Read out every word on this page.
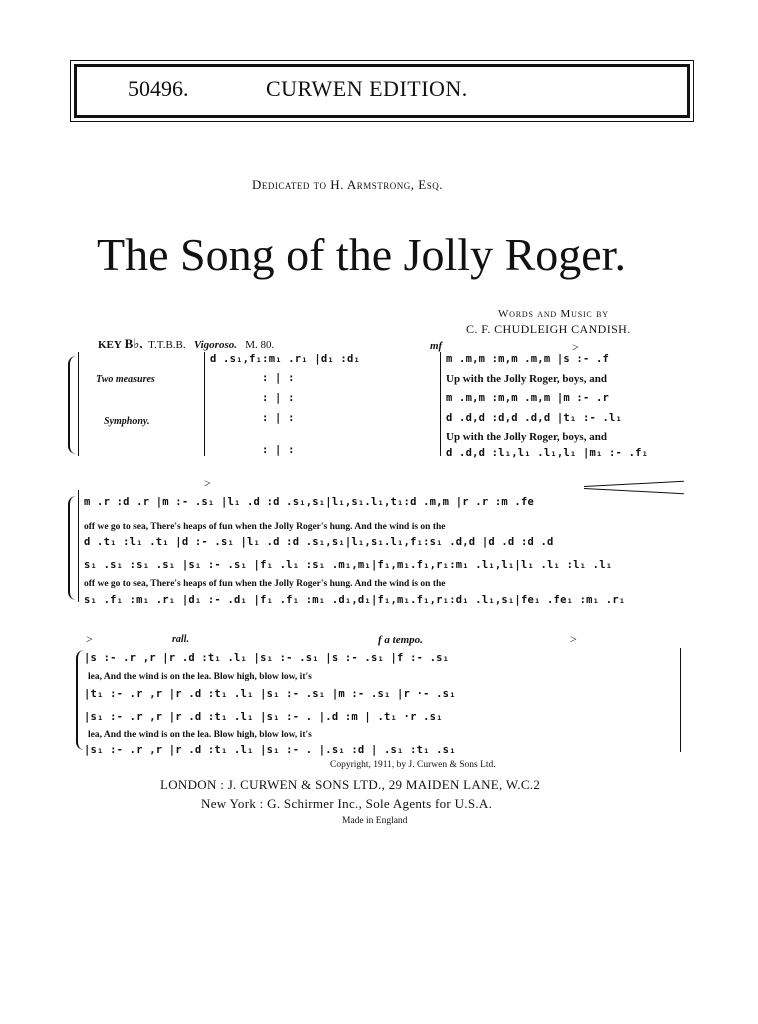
50496.	CURWEN EDITION.
Dedicated to H. Armstrong, Esq.
The Song of the Jolly Roger.
Words and Music by
C. F. CHUDLEIGH CANDISH.
KEY B♭. T.T.B.B. Vigoroso. M. 80.	mf	>
d .s₁,f₁:m₁ .r₁ |d₁ :d₁
Two measures
Symphony.
: | :
: | :
: | :
: | :
m .m,m :m,m .m,m |s :- .f
Up with the Jolly Roger, boys, and
m .m,m :m,m .m,m |m :- .r
d .d,d :d,d .d,d |t₁ :- .l₁
Up with the Jolly Roger, boys, and
d .d,d :l₁,l₁ .l₁,l₁ |m₁ :- .f₁
>
m .r :d .r |m :- .s₁ |l₁ .d :d .s₁,s₁|l₁,s₁.l₁,t₁:d .m,m |r .r :m .fe
off we go to sea, There's heaps of fun when the Jolly Roger's hung. And the wind is on the
d .t₁ :l₁ .t₁ |d :- .s₁ |l₁ .d :d .s₁,s₁|l₁,s₁.l₁,f₁:s₁ .d,d |d .d :d .d
s₁ .s₁ :s₁ .s₁ |s₁ :- .s₁ |f₁ .l₁ :s₁ .m₁,m₁|f₁,m₁.f₁,r₁:m₁ .l₁,l₁|l₁ .l₁ :l₁ .l₁
off we go to sea, There's heaps of fun when the Jolly Roger's hung. And the wind is on the
s₁ .f₁ :m₁ .r₁ |d₁ :- .d₁ |f₁ .f₁ :m₁ .d₁,d₁|f₁,m₁.f₁,r₁:d₁ .l₁,s₁|fe₁ .fe₁ :m₁ .r₁
>	>
rall.	f a tempo.
|s :- .r ,r |r .d :t₁ .l₁ |s₁ :- .s₁ |s :- .s₁ |f :- .s₁
lea, And the wind is on the lea. Blow high, blow low, it's
|t₁ :- .r ,r |r .d :t₁ .l₁ |s₁ :- .s₁ |m :- .s₁ |r ·- .s₁
|s₁ :- .r ,r |r .d :t₁ .l₁ |s₁ :- . |.d :m | .t₁ ·r .s₁
lea, And the wind is on the lea. Blow high, blow low, it's
|s₁ :- .r ,r |r .d :t₁ .l₁ |s₁ :- . |.s₁ :d | .s₁ :t₁ .s₁
Copyright, 1911, by J. Curwen & Sons Ltd.
LONDON : J. CURWEN & SONS LTD., 29 MAIDEN LANE, W.C.2
New York : G. Schirmer Inc., Sole Agents for U.S.A.
Made in England
